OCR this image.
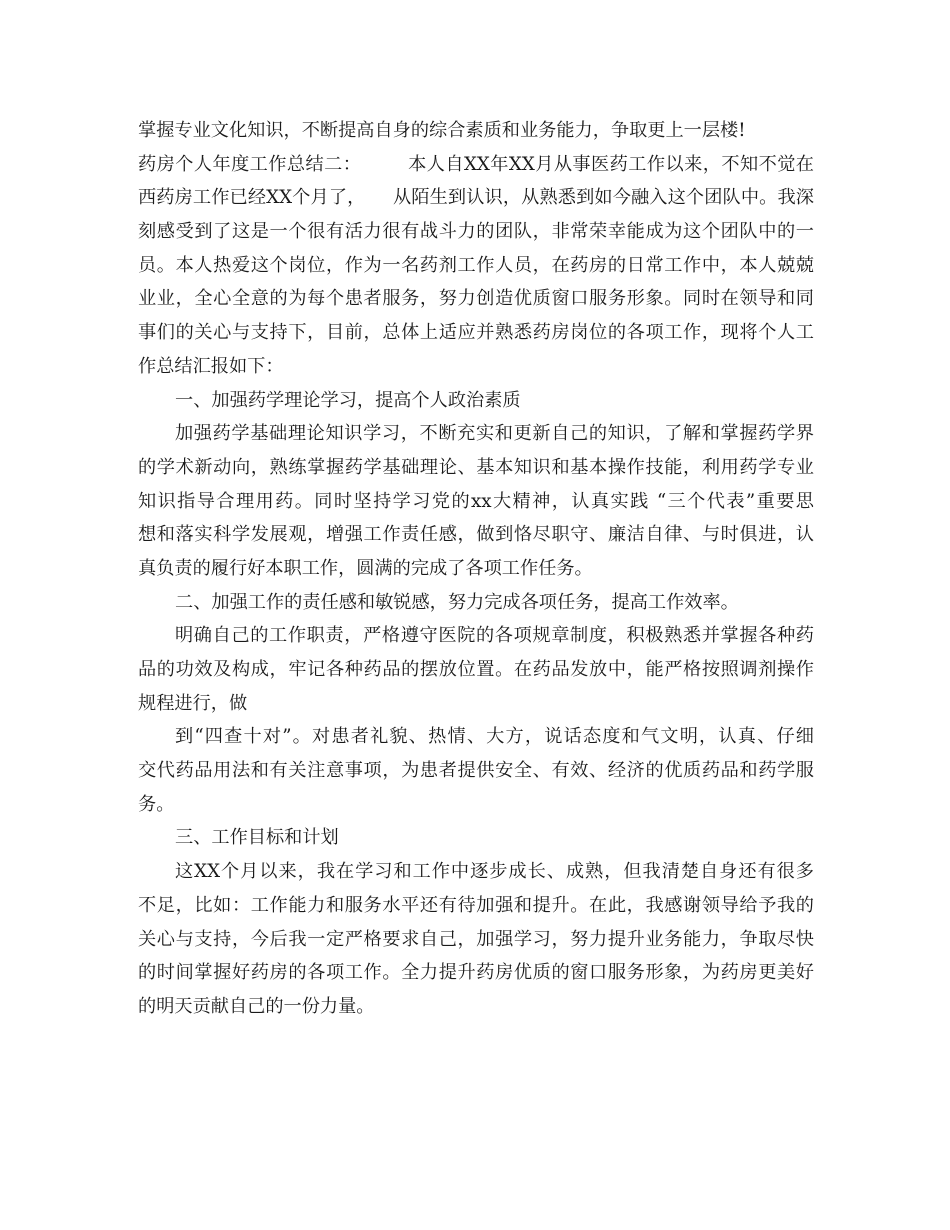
掌握专业文化知识，不断提高自身的综合素质和业务能力，争取更上一层楼!
药房个人年度工作总结二：　　　本人自XX年XX月从事医药工作以来，不知不觉在
西药房工作已经XX个月了，　　从陌生到认识，从熟悉到如今融入这个团队中。我深
刻感受到了这是一个很有活力很有战斗力的团队，非常荣幸能成为这个团队中的一
员。本人热爱这个岗位，作为一名药剂工作人员，在药房的日常工作中，本人兢兢
业业，全心全意的为每个患者服务，努力创造优质窗口服务形象。同时在领导和同
事们的关心与支持下，目前，总体上适应并熟悉药房岗位的各项工作，现将个人工
作总结汇报如下：
一、加强药学理论学习，提高个人政治素质
加强药学基础理论知识学习，不断充实和更新自己的知识，了解和掌握药学界
的学术新动向，熟练掌握药学基础理论、基本知识和基本操作技能，利用药学专业
知识指导合理用药。同时坚持学习党的xx大精神，认真实践 “三个代表”重要思
想和落实科学发展观，增强工作责任感，做到恪尽职守、廉洁自律、与时俱进，认
真负责的履行好本职工作，圆满的完成了各项工作任务。
二、加强工作的责任感和敏锐感，努力完成各项任务，提高工作效率。
明确自己的工作职责，严格遵守医院的各项规章制度，积极熟悉并掌握各种药
品的功效及构成，牢记各种药品的摆放位置。在药品发放中，能严格按照调剂操作
规程进行，做
到“四查十对”。对患者礼貌、热情、大方，说话态度和气文明，认真、仔细
交代药品用法和有关注意事项，为患者提供安全、有效、经济的优质药品和药学服
务。
三、工作目标和计划
这XX个月以来，我在学习和工作中逐步成长、成熟，但我清楚自身还有很多
不足，比如：工作能力和服务水平还有待加强和提升。在此，我感谢领导给予我的
关心与支持，今后我一定严格要求自己，加强学习，努力提升业务能力，争取尽快
的时间掌握好药房的各项工作。全力提升药房优质的窗口服务形象，为药房更美好
的明天贡献自己的一份力量。
